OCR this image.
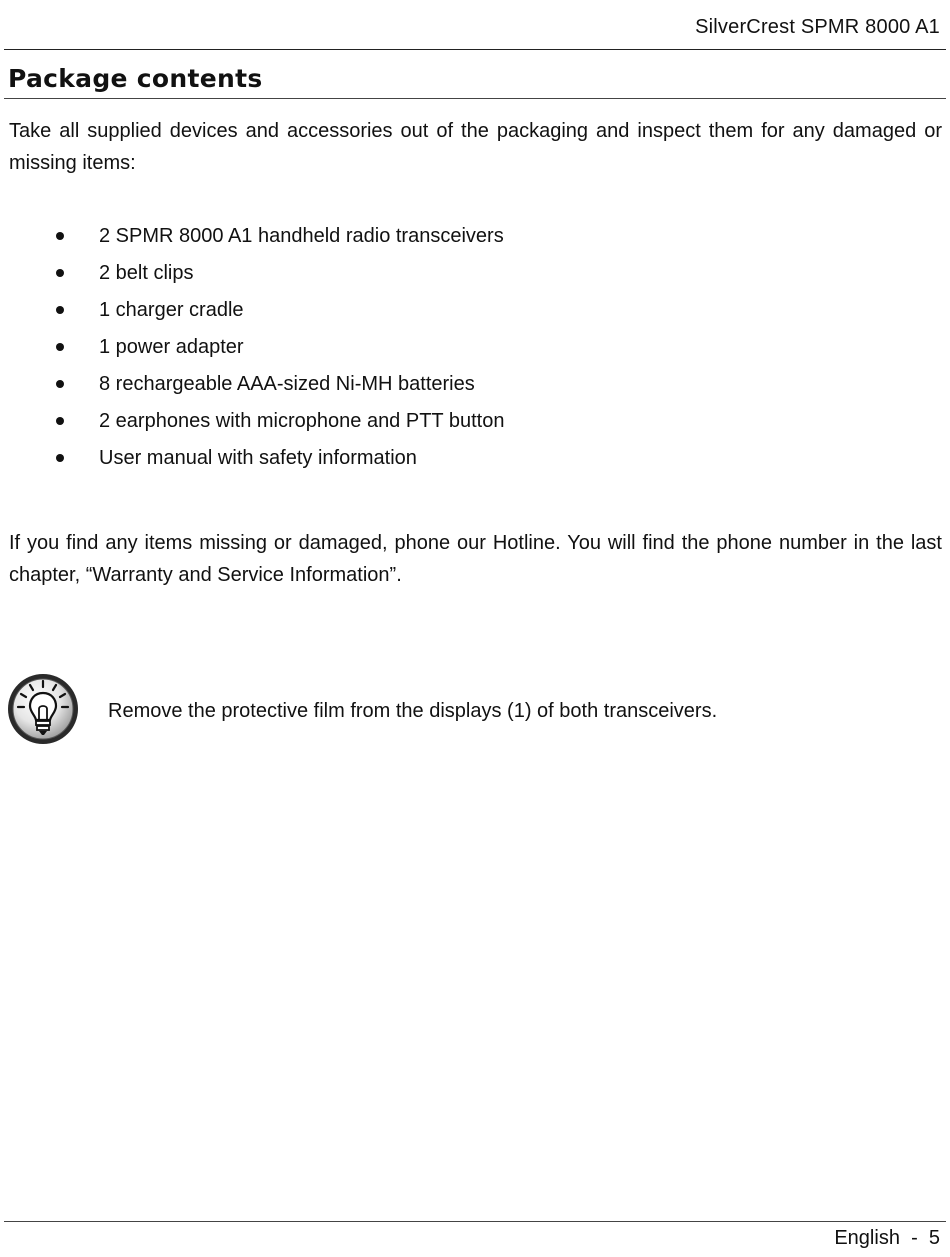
SilverCrest SPMR 8000 A1
Package contents

Take all supplied devices and accessories out of the packaging and inspect them for any damaged or missing items:

2 SPMR 8000 A1 handheld radio transceivers
2 belt clips
1 charger cradle
1 power adapter
8 rechargeable AAA-sized Ni-MH batteries
2 earphones with microphone and PTT button
User manual with safety information

If you find any items missing or damaged, phone our Hotline. You will find the phone number in the last chapter, “Warranty and Service Information”.

Remove the protective film from the displays (1) of both transceivers.

English - 5
